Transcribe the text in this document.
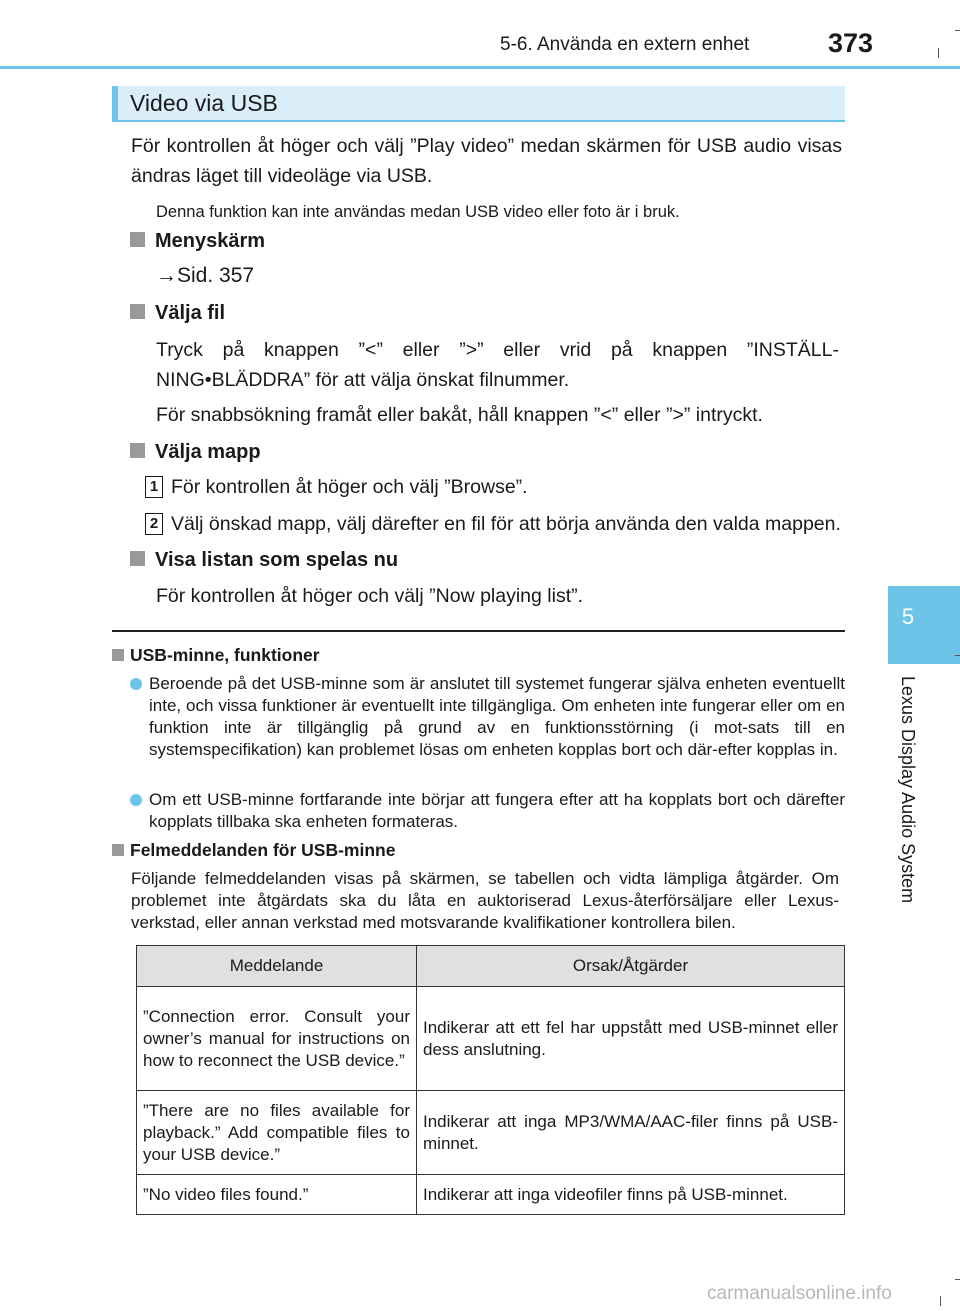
5-6. Använda en extern enhet	373
5
Lexus Display Audio System
Video via USB
För kontrollen åt höger och välj ”Play video” medan skärmen för USB audio visas ändras läget till videoläge via USB.
Denna funktion kan inte användas medan USB video eller foto är i bruk.
Menyskärm
→Sid. 357
Välja fil
Tryck på knappen ”<” eller ”>” eller vrid på knappen ”INSTÄLL-NING•BLÄDDRA” för att välja önskat filnummer.
För snabbsökning framåt eller bakåt, håll knappen ”<” eller ”>” intryckt.
Välja mapp
1 För kontrollen åt höger och välj ”Browse”.
2 Välj önskad mapp, välj därefter en fil för att börja använda den valda mappen.
Visa listan som spelas nu
För kontrollen åt höger och välj ”Now playing list”.
USB-minne, funktioner
Beroende på det USB-minne som är anslutet till systemet fungerar själva enheten eventuellt inte, och vissa funktioner är eventuellt inte tillgängliga. Om enheten inte fungerar eller om en funktion inte är tillgänglig på grund av en funktionsstörning (i mot-sats till en systemspecifikation) kan problemet lösas om enheten kopplas bort och där-efter kopplas in.
Om ett USB-minne fortfarande inte börjar att fungera efter att ha kopplats bort och därefter kopplats tillbaka ska enheten formateras.
Felmeddelanden för USB-minne
Följande felmeddelanden visas på skärmen, se tabellen och vidta lämpliga åtgärder. Om problemet inte åtgärdats ska du låta en auktoriserad Lexus-återförsäljare eller Lexus-verkstad, eller annan verkstad med motsvarande kvalifikationer kontrollera bilen.
Meddelande	Orsak/Åtgärder
”Connection error. Consult your owner’s manual for instructions on how to reconnect the USB device.”	Indikerar att ett fel har uppstått med USB-minnet eller dess anslutning.
”There are no files available for playback.” Add compatible files to your USB device.”	Indikerar att inga MP3/WMA/AAC-filer finns på USB-minnet.
”No video files found.”	Indikerar att inga videofiler finns på USB-minnet.
carmanualsonline.info
